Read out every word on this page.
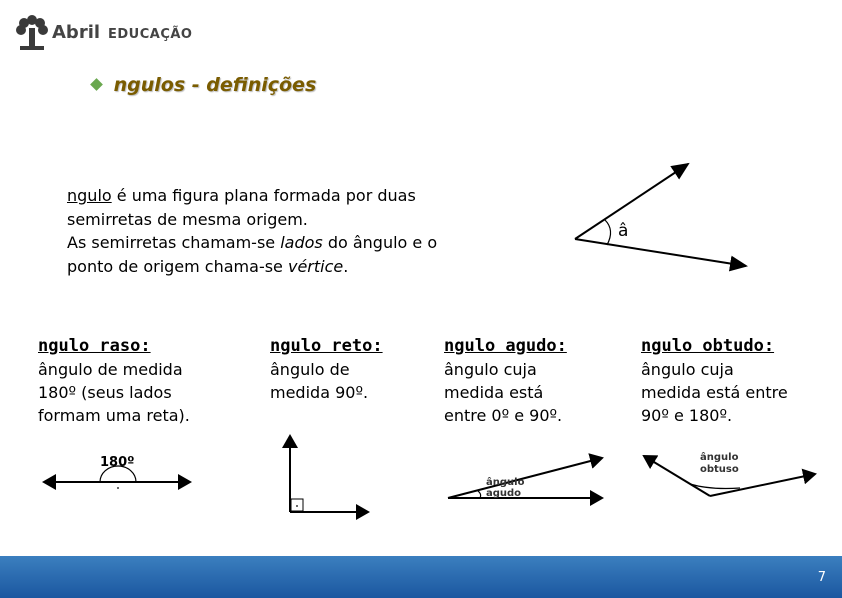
Abril EDUCAÇÃO
ngulos - definições
ngulo é uma figura plana formada por duas
semirretas de mesma origem.
As semirretas chamam-se lados do ângulo e o
ponto de origem chama-se vértice.
â
ngulo raso:
ângulo de medida
180º (seus lados
formam uma reta).
ngulo reto:
ângulo de
medida 90º.
ngulo agudo:
ângulo cuja
medida está
entre 0º e 90º.
ngulo obtudo:
ângulo cuja
medida está entre
90º e 180º.
180º
ângulo
agudo
ângulo
obtuso
7
